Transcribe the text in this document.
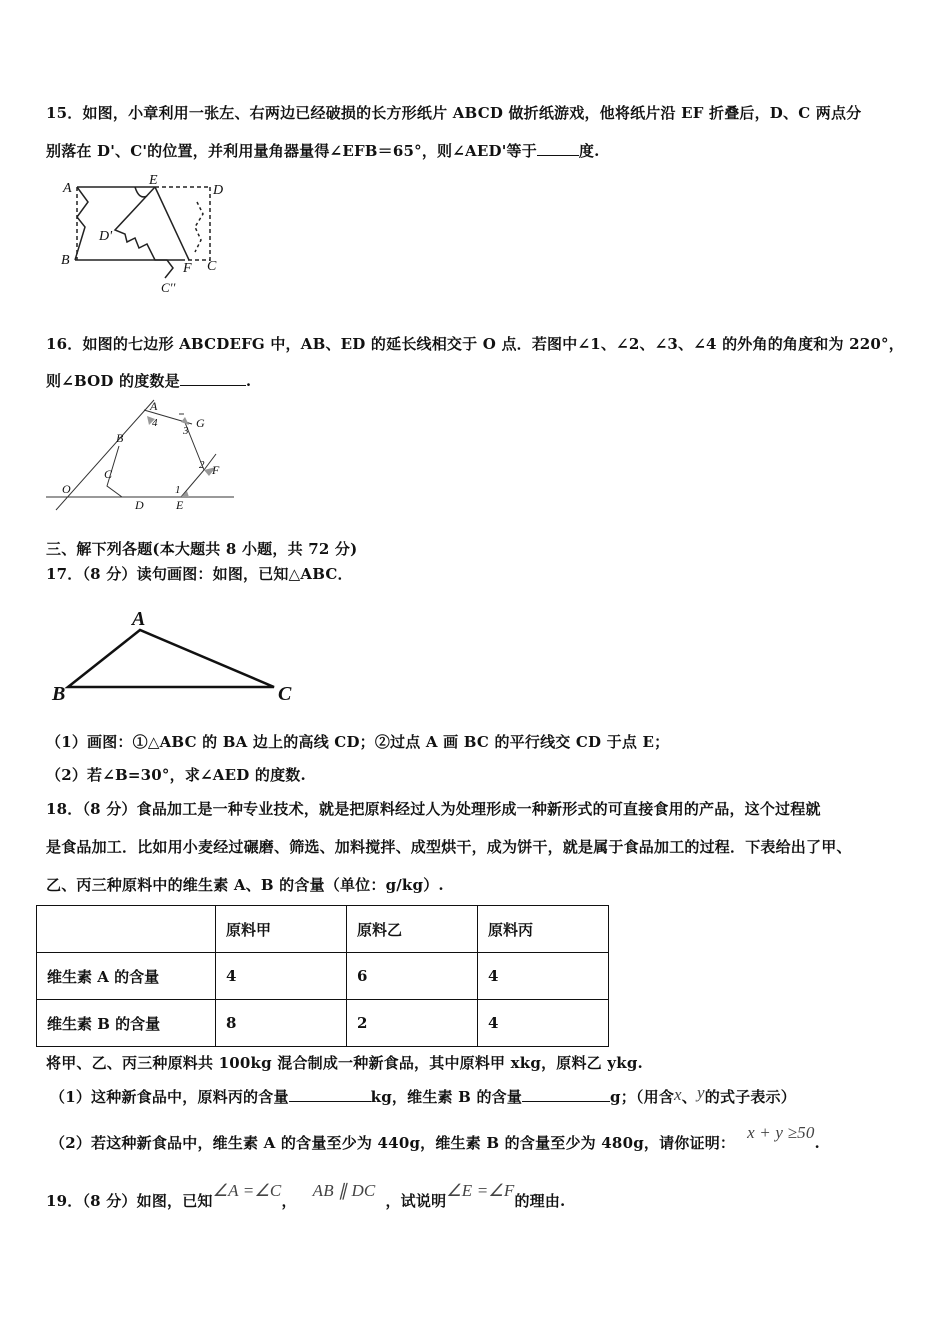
15．如图，小章利用一张左、右两边已经破损的长方形纸片 ABCD 做折纸游戏，他将纸片沿 EF 折叠后，D、C 两点分
别落在 D'、C'的位置，并利用量角器量得∠EFB＝65°，则∠AED'等于	度.
A
E
D
D'
B
F C
C''
16．如图的七边形 ABCDEFG 中，AB、ED 的延长线相交于 O 点．若图中∠1、∠2、∠3、∠4 的外角的角度和为 220°，
则∠BOD 的度数是	.
A
G
B
F
C
O
D	E
1
2
3
4
三、解下列各题(本大题共 8 小题，共 72 分)
17．（8 分）读句画图：如图，已知△ABC．
A
B	C
（1）画图：①△ABC 的 BA 边上的高线 CD；②过点 A 画 BC 的平行线交 CD 于点 E；
（2）若∠B=30°，求∠AED 的度数.
18．（8 分）食品加工是一种专业技术，就是把原料经过人为处理形成一种新形式的可直接食用的产品，这个过程就
是食品加工．比如用小麦经过碾磨、筛选、加料搅拌、成型烘干，成为饼干，就是属于食品加工的过程．下表给出了甲、
乙、丙三种原料中的维生素 A、B 的含量（单位：g/kg）.
	原料甲	原料乙	原料丙
维生素 A 的含量	4	6	4
维生素 B 的含量	8	2	4
将甲、乙、丙三种原料共 100kg 混合制成一种新食品，其中原料甲 xkg，原料乙 ykg.
（1）这种新食品中，原料丙的含量	kg，维生素 B 的含量	g；（用含x、y的式子表示）
（2）若这种新食品中，维生素 A 的含量至少为 440g，维生素 B 的含量至少为 480g，请你证明：x + y ≥50.
19．（8 分）如图，已知∠A =∠C，AB ∥ DC，试说明∠E =∠F的理由.
